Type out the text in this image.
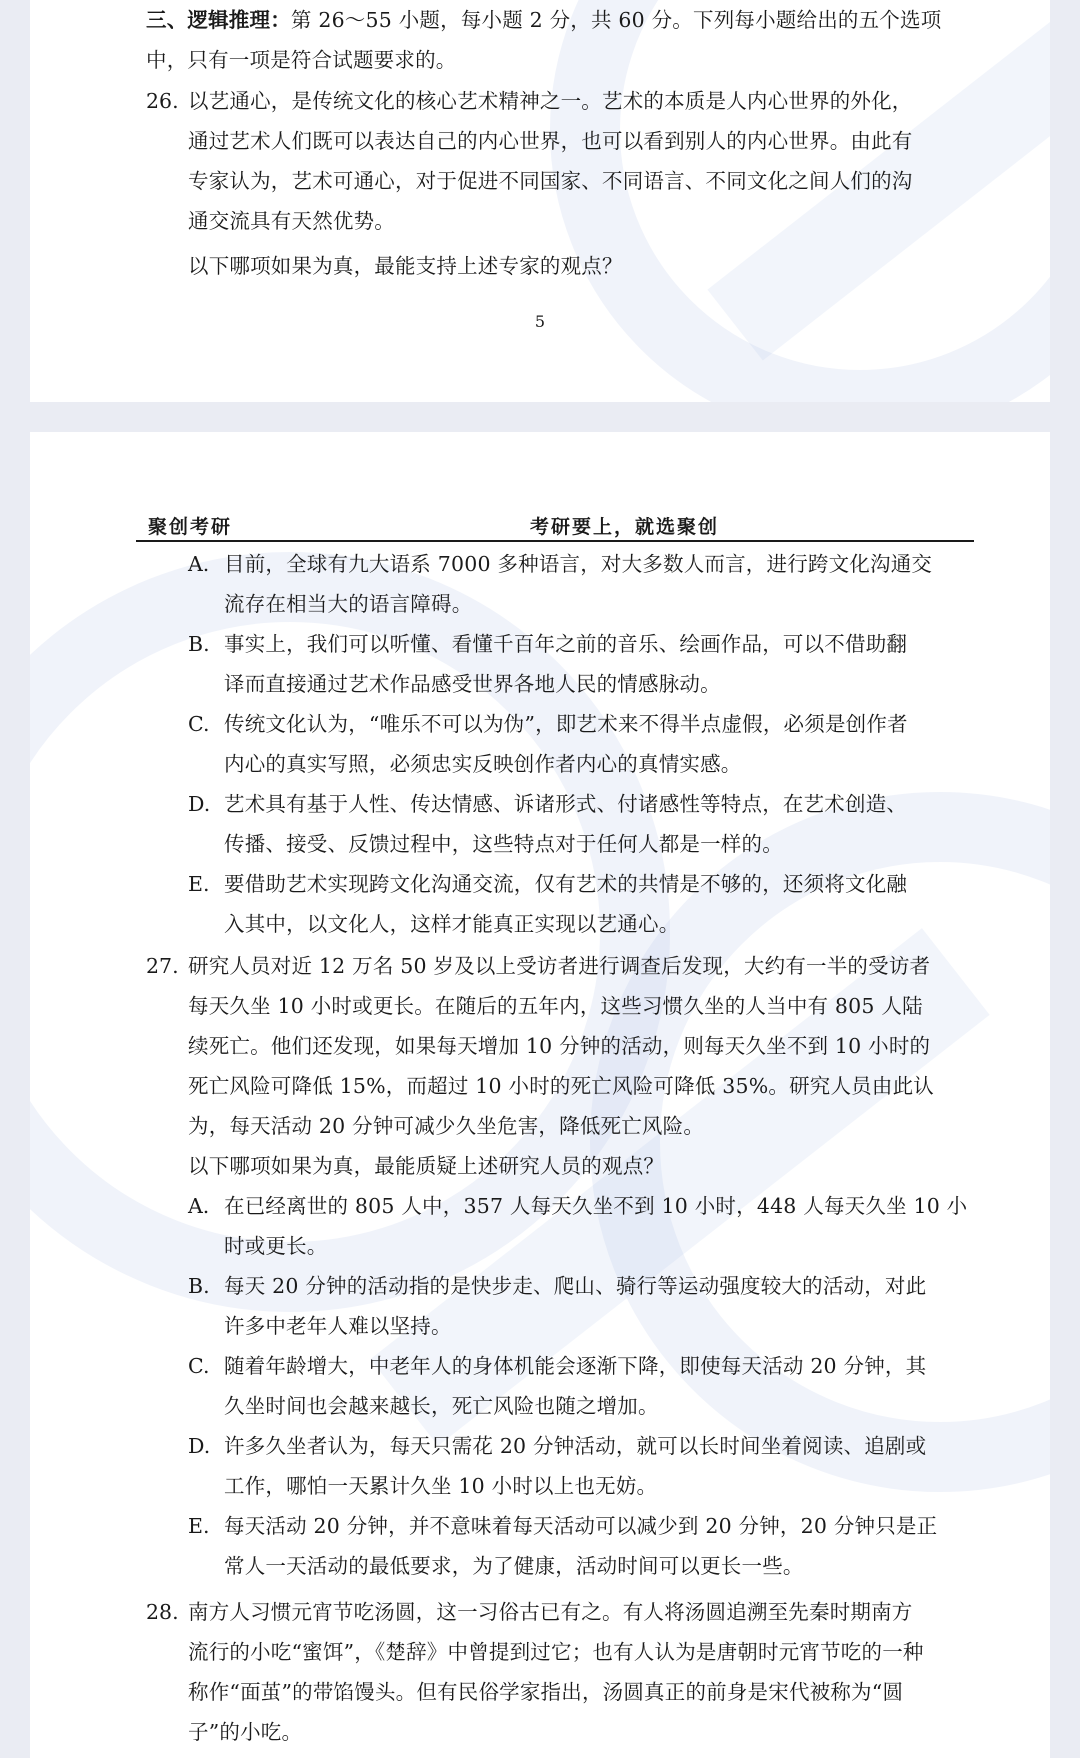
三、逻辑推理：第 26～55 小题，每小题 2 分，共 60 分。下列每小题给出的五个选项
中，只有一项是符合试题要求的。
26. 以艺通心，是传统文化的核心艺术精神之一。艺术的本质是人内心世界的外化，
通过艺术人们既可以表达自己的内心世界，也可以看到别人的内心世界。由此有
专家认为，艺术可通心，对于促进不同国家、不同语言、不同文化之间人们的沟
通交流具有天然优势。
以下哪项如果为真，最能支持上述专家的观点？
5
聚创考研	考研要上，就选聚创
A. 目前，全球有九大语系 7000 多种语言，对大多数人而言，进行跨文化沟通交
流存在相当大的语言障碍。
B. 事实上，我们可以听懂、看懂千百年之前的音乐、绘画作品，可以不借助翻
译而直接通过艺术作品感受世界各地人民的情感脉动。
C. 传统文化认为，“唯乐不可以为伪”，即艺术来不得半点虚假，必须是创作者
内心的真实写照，必须忠实反映创作者内心的真情实感。
D. 艺术具有基于人性、传达情感、诉诸形式、付诸感性等特点，在艺术创造、
传播、接受、反馈过程中，这些特点对于任何人都是一样的。
E. 要借助艺术实现跨文化沟通交流，仅有艺术的共情是不够的，还须将文化融
入其中，以文化人，这样才能真正实现以艺通心。
27. 研究人员对近 12 万名 50 岁及以上受访者进行调查后发现，大约有一半的受访者
每天久坐 10 小时或更长。在随后的五年内，这些习惯久坐的人当中有 805 人陆
续死亡。他们还发现，如果每天增加 10 分钟的活动，则每天久坐不到 10 小时的
死亡风险可降低 15%，而超过 10 小时的死亡风险可降低 35%。研究人员由此认
为，每天活动 20 分钟可减少久坐危害，降低死亡风险。
以下哪项如果为真，最能质疑上述研究人员的观点？
A. 在已经离世的 805 人中，357 人每天久坐不到 10 小时，448 人每天久坐 10 小
时或更长。
B. 每天 20 分钟的活动指的是快步走、爬山、骑行等运动强度较大的活动，对此
许多中老年人难以坚持。
C. 随着年龄增大，中老年人的身体机能会逐渐下降，即使每天活动 20 分钟，其
久坐时间也会越来越长，死亡风险也随之增加。
D. 许多久坐者认为，每天只需花 20 分钟活动，就可以长时间坐着阅读、追剧或
工作，哪怕一天累计久坐 10 小时以上也无妨。
E. 每天活动 20 分钟，并不意味着每天活动可以减少到 20 分钟，20 分钟只是正
常人一天活动的最低要求，为了健康，活动时间可以更长一些。
28. 南方人习惯元宵节吃汤圆，这一习俗古已有之。有人将汤圆追溯至先秦时期南方
流行的小吃“蜜饵”，《楚辞》中曾提到过它；也有人认为是唐朝时元宵节吃的一种
称作“面茧”的带馅馒头。但有民俗学家指出，汤圆真正的前身是宋代被称为“圆
子”的小吃。
